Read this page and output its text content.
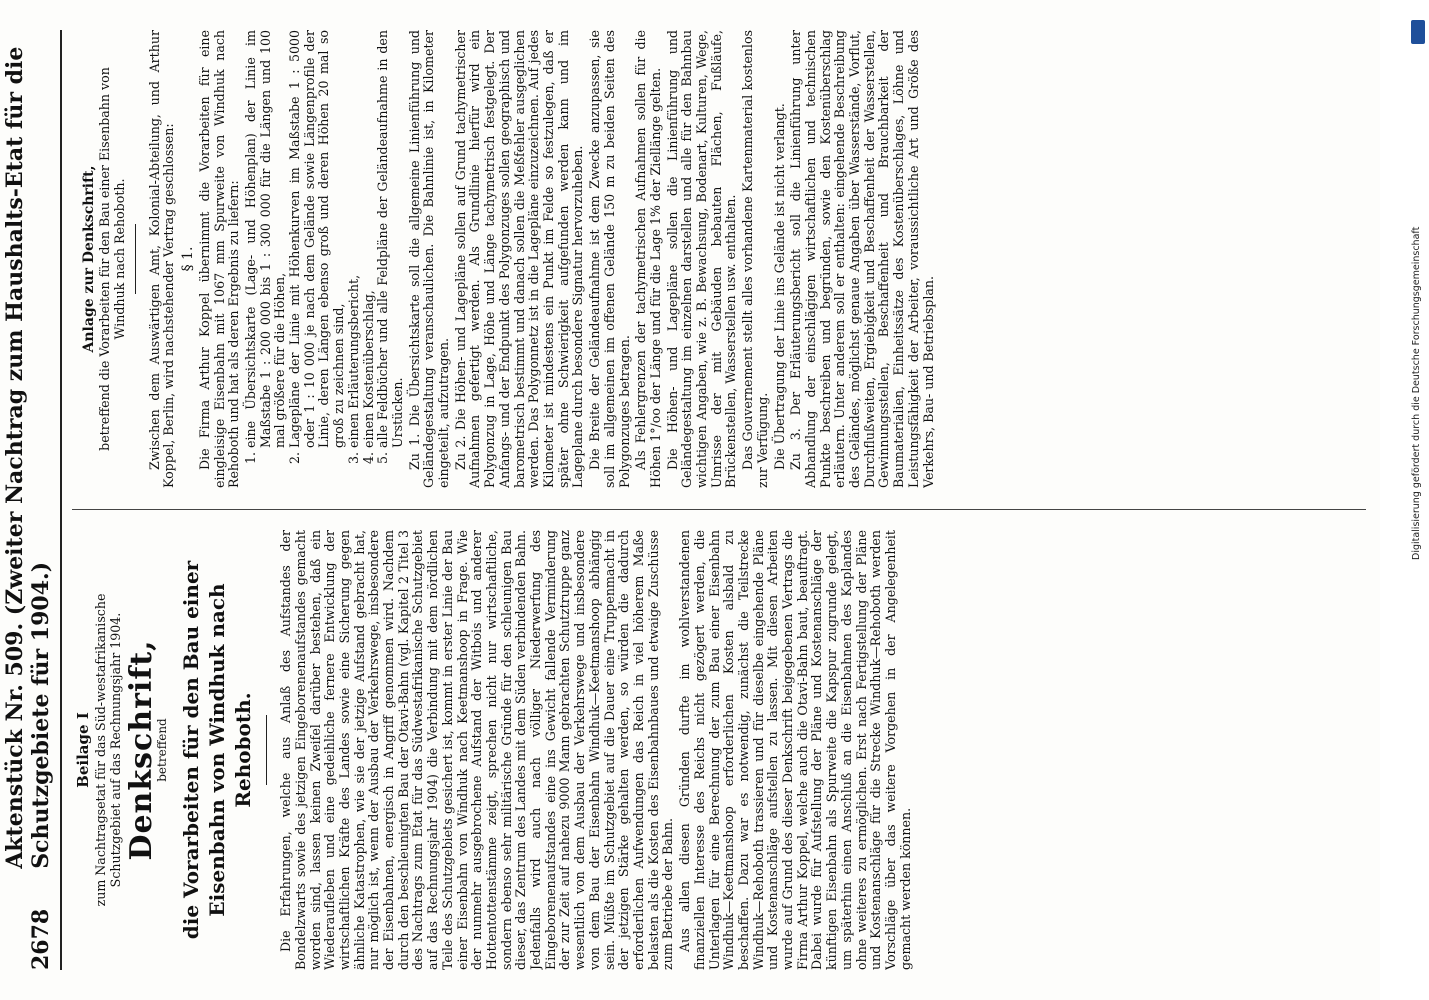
2678
Aktenstück Nr. 509. (Zweiter Nachtrag zum Haushalts-Etat für die Schutzgebiete für 1904.) Beilage I zum Nachtragsetat für das Süd-westafrikanische Schutzgebiet auf das Rechnungsjahr 1904. Denkschrift,
betreffend die Vorarbeiten für den Bau einer Eisenbahn von Windhuk nach Rehoboth. Die Erfahrungen, welche aus Anlaß des Aufstandes der Bondelzwarts sowie des jetzigen Eingeborenenaufstandes gemacht worden sind, lassen keinen Zweifel darüber bestehen, daß ein Wiederaufleben und eine gedeihliche fernere Entwicklung der wirtschaftlichen Kräfte des Landes sowie eine Sicherung gegen ähnliche Katastrophen, wie sie der jetzige Aufstand gebracht hat, nur möglich ist, wenn der Ausbau der Verkehrswege, insbesondere der Eisenbahnen, energisch in Angriff genommen wird. Nachdem durch den beschleunigten Bau der Otavi-Bahn (vgl. Kapitel 2 Titel 3 des Nachtrags zum Etat für das Südwestafrikanische Schutzgebiet auf das Rechnungsjahr 1904) die Verbindung mit dem nördlichen Teile des Schutzgebiets gesichert ist, kommt in erster Linie der Bau einer Eisenbahn von Windhuk nach Keetmanshoop in Frage. Wie der nunmehr ausgebrochene Aufstand der Witbois und anderer Hottentottenstämme zeigt, sprechen nicht nur wirtschaftliche, sondern ebenso sehr militärische Gründe für den schleunigen Bau dieser, das Zentrum des Landes mit dem Süden verbindenden Bahn. Jedenfalls wird auch nach völliger Niederwerfung des Eingeborenenaufstandes eine ins Gewicht fallende Verminderung der zur Zeit auf nahezu 9000 Mann gebrachten Schutztruppe ganz wesentlich von dem Ausbau der Verkehrswege und insbesondere von dem Bau der Eisenbahn Windhuk—Keetmanshoop abhängig sein. Müßte im Schutzgebiet auf die Dauer eine Truppenmacht in der jetzigen Stärke gehalten werden, so würden die dadurch erforderlichen Aufwendungen das Reich in viel höherem Maße belasten als die Kosten des Eisenbahnbaues und etwaige Zuschüsse zum Betriebe der Bahn. Aus allen diesen Gründen durfte im wohlverstandenen finanziellen Interesse des Reichs nicht gezögert werden, die Unterlagen für eine Berechnung der zum Bau einer Eisenbahn Windhuk—Keetmanshoop erforderlichen Kosten alsbald zu beschaffen. Dazu war es notwendig, zunächst die Teilstrecke Windhuk—Rehoboth trassieren und für dieselbe eingehende Pläne und Kostenanschläge aufstellen zu lassen. Mit diesen Arbeiten wurde auf Grund des dieser Denkschrift beigegebenen Vertrags die Firma Arthur Koppel, welche auch die Otavi-Bahn baut, beauftragt. Dabei wurde für Aufstellung der Pläne und Kostenanschläge der künftigen Eisenbahn als Spurweite die Kapspur zugrunde gelegt, um späterhin einen Anschluß an die Eisenbahnen des Kaplandes ohne weiteres zu ermöglichen. Erst nach Fertigstellung der Pläne und Kostenanschläge für die Strecke Windhuk—Rehoboth werden Vorschläge über das weitere Vorgehen in der Angelegenheit gemacht werden können.

Anlage zur Denkschrift, betreffend die Vorarbeiten für den Bau einer Eisenbahn von Windhuk nach Rehoboth. Zwischen dem Auswärtigen Amt, Kolonial-Abteilung, und Arthur Koppel, Berlin, wird nachstehender Vertrag geschlossen: § 1. Die Firma Arthur Koppel übernimmt die Vorarbeiten für eine eingleisige Eisenbahn mit 1067 mm Spurweite von Windhuk nach Rehoboth und hat als deren Ergebnis zu liefern: 1. eine Übersichtskarte (Lage- und Höhenplan) der Linie im Maßstabe 1 : 200 000 bis 1 : 300 000 für die Längen und 100 mal größere für die Höhen, 2. Lagepläne der Linie mit Höhenkurven im Maßstabe 1 : 5000 oder 1 : 10 000 je nach dem Gelände sowie Längenprofile der Linie, deren Längen ebenso groß und deren Höhen 20 mal so groß zu zeichnen sind, 3. einen Erläuterungsbericht, 4. einen Kostenüberschlag, 5. alle Feldbücher und alle Feldpläne der Geländeaufnahme in den Urstücken. Zu 1. Die Übersichtskarte soll die allgemeine Linienführung und Geländegestaltung veranschaulichen. Die Bahnlinie ist, in Kilometer eingeteilt, aufzutragen. Zu 2. Die Höhen- und Lagepläne sollen auf Grund tachymetrischer Aufnahmen gefertigt werden. Als Grundlinie hierfür wird ein Polygonzug in Lage, Höhe und Länge tachymetrisch festgelegt. Der Anfangs- und der Endpunkt des Polygonzuges sollen geographisch und barometrisch bestimmt und danach sollen die Meßfehler ausgeglichen werden. Das Polygonnetz ist in die Lagepläne einzuzeichnen. Auf jedes Kilometer ist mindestens ein Punkt im Felde so festzulegen, daß er später ohne Schwierigkeit aufgefunden werden kann und im Lageplane durch besondere Signatur hervorzuheben. Die Breite der Geländeaufnahme ist dem Zwecke anzupassen, sie soll im allgemeinen im offenen Gelände 150 m zu beiden Seiten des Polygonzuges betragen. Als Fehlergrenzen der tachymetrischen Aufnahmen sollen für die Höhen 1°/oo der Länge und für die Lage 1% der Ziellänge gelten. Die Höhen- und Lagepläne sollen die Linienführung und Geländegestaltung im einzelnen darstellen und alle für den Bahnbau wichtigen Angaben, wie z. B. Bewachsung, Bodenart, Kulturen, Wege, Umrisse der mit Gebäuden bebauten Flächen, Fußläufe, Brückenstellen, Wasserstellen usw. enthalten. Das Gouvernement stellt alles vorhandene Kartenmaterial kostenlos zur Verfügung. Die Übertragung der Linie ins Gelände ist nicht verlangt. Zu 3. Der Erläuterungsbericht soll die Linienführung unter Abhandlung der einschlägigen wirtschaftlichen und technischen Punkte beschreiben und begründen, sowie den Kostenüberschlag erläutern. Unter anderem soll er enthalten: eingehende Beschreibung des Geländes, möglichst genaue Angaben über Wasserstände, Vorflut, Durchflußweiten, Ergiebigkeit und Beschaffenheit der Wasserstellen, Gewinnungsstellen, Beschaffenheit und Brauchbarkeit der Baumaterialien, Einheitssätze des Kostenüberschlages, Löhne und Leistungsfähigkeit der Arbeiter, voraussichtliche Art und Größe des Verkehrs, Bau- und Betriebsplan.	Digitalisierung gefördert durch die Deutsche Forschungsgemeinschaft
